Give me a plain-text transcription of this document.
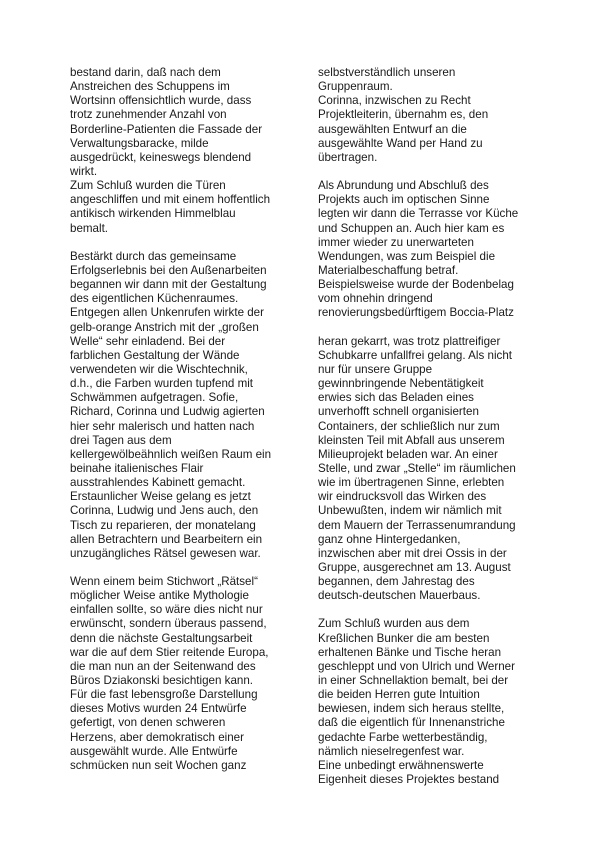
bestand darin, daß nach dem
Anstreichen des Schuppens im
Wortsinn offensichtlich wurde, dass
trotz zunehmender Anzahl von
Borderline-Patienten die Fassade der
Verwaltungsbaracke, milde
ausgedrückt, keineswegs blendend
wirkt.
Zum Schluß wurden die Türen
angeschliffen und mit einem hoffentlich
antikisch wirkenden Himmelblau
bemalt.
Bestärkt durch das gemeinsame
Erfolgserlebnis bei den Außenarbeiten
begannen wir dann mit der Gestaltung
des eigentlichen Küchenraumes.
Entgegen allen Unkenrufen wirkte der
gelb-orange Anstrich mit der „großen
Welle“ sehr einladend. Bei der
farblichen Gestaltung der Wände
verwendeten wir die Wischtechnik,
d.h., die Farben wurden tupfend mit
Schwämmen aufgetragen. Sofie,
Richard, Corinna und Ludwig agierten
hier sehr malerisch und hatten nach
drei Tagen aus dem
kellergewölbeähnlich weißen Raum ein
beinahe italienisches Flair
ausstrahlendes Kabinett gemacht.
Erstaunlicher Weise gelang es jetzt
Corinna, Ludwig und Jens auch, den
Tisch zu reparieren, der monatelang
allen Betrachtern und Bearbeitern ein
unzugängliches Rätsel gewesen war.
Wenn einem beim Stichwort „Rätsel“
möglicher Weise antike Mythologie
einfallen sollte, so wäre dies nicht nur
erwünscht, sondern überaus passend,
denn die nächste Gestaltungsarbeit
war die auf dem Stier reitende Europa,
die man nun an der Seitenwand des
Büros Dziakonski besichtigen kann.
Für die fast lebensgroße Darstellung
dieses Motivs wurden 24 Entwürfe
gefertigt, von denen schweren
Herzens, aber demokratisch einer
ausgewählt wurde. Alle Entwürfe
schmücken nun seit Wochen ganz
selbstverständlich unseren
Gruppenraum.
Corinna, inzwischen zu Recht
Projektleiterin, übernahm es, den
ausgewählten Entwurf an die
ausgewählte Wand per Hand zu
übertragen.
Als Abrundung und Abschluß des
Projekts auch im optischen Sinne
legten wir dann die Terrasse vor Küche
und Schuppen an. Auch hier kam es
immer wieder zu unerwarteten
Wendungen, was zum Beispiel die
Materialbeschaffung betraf.
Beispielsweise wurde der Bodenbelag
vom ohnehin dringend
renovierungsbedürftigem Boccia-Platz
heran gekarrt, was trotz plattreifiger
Schubkarre unfallfrei gelang. Als nicht
nur für unsere Gruppe
gewinnbringende Nebentätigkeit
erwies sich das Beladen eines
unverhofft schnell organisierten
Containers, der schließlich nur zum
kleinsten Teil mit Abfall aus unserem
Milieuprojekt beladen war. An einer
Stelle, und zwar „Stelle“ im räumlichen
wie im übertragenen Sinne, erlebten
wir eindrucksvoll das Wirken des
Unbewußten, indem wir nämlich mit
dem Mauern der Terrassenumrandung
ganz ohne Hintergedanken,
inzwischen aber mit drei Ossis in der
Gruppe, ausgerechnet am 13. August
begannen, dem Jahrestag des
deutsch-deutschen Mauerbaus.
Zum Schluß wurden aus dem
Kreßlichen Bunker die am besten
erhaltenen Bänke und Tische heran
geschleppt und von Ulrich und Werner
in einer Schnellaktion bemalt, bei der
die beiden Herren gute Intuition
bewiesen, indem sich heraus stellte,
daß die eigentlich für Innenanstriche
gedachte Farbe wetterbeständig,
nämlich nieselregenfest war.
Eine unbedingt erwähnenswerte
Eigenheit dieses Projektes bestand
